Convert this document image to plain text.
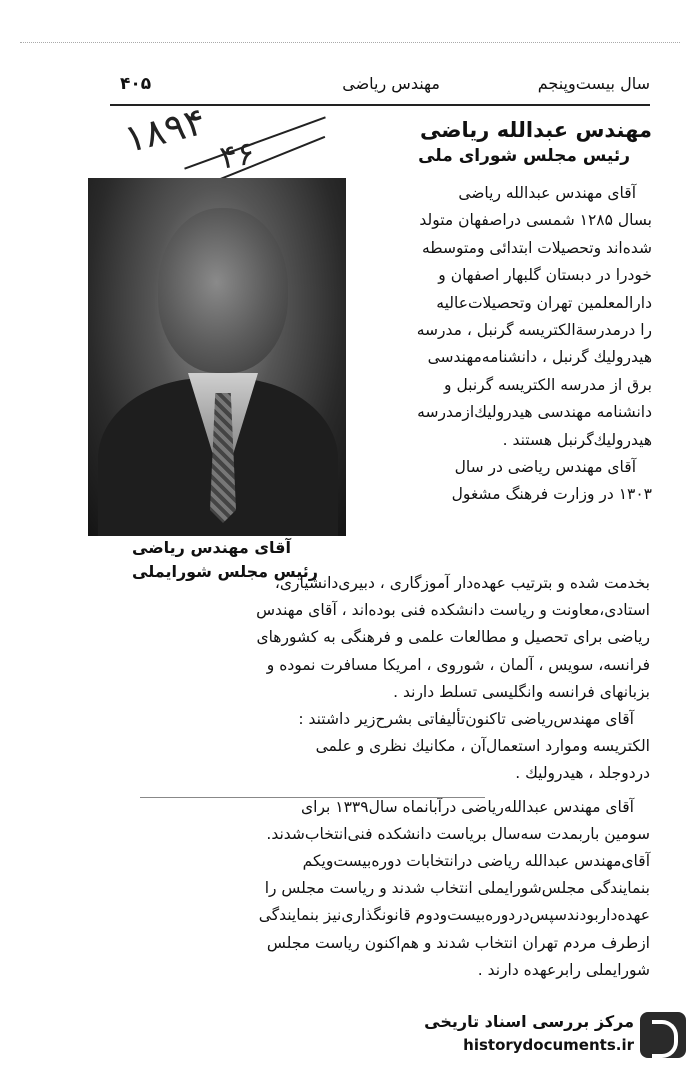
سال بیست‌وپنجم
مهندس ریاضی
۴۰۵
۱۸۹۴ ۴۶
مهندس عبدالله ریاضی
رئیس مجلس شورای ملی
آقای مهندس ریاضی
رئیس مجلس شورایملی

آقای مهندس عبدالله ریاضی

بسال ۱۲۸۵ شمسی دراصفهان متولد

شده‌اند وتحصیلات ابتدائی ومتوسطه

خودرا در دبستان گلبهار اصفهان و

دارالمعلمین تهران وتحصیلات‌عالیه

را درمدرسةالکتریسه گرنبل ، مدرسه

هیدرولیك گرنبل ، دانشنامه‌مهندسی

برق از مدرسه الکتریسه گرنبل و

دانشنامه مهندسی هیدرولیك‌ازمدرسه

هیدرولیك‌گرنبل هستند .

آقای مهندس ریاضی در سال

۱۳۰۳ در وزارت فرهنگ مشغول

بخدمت شده و بترتیب عهده‌دار آموزگاری ، دبیری‌دانشیاری،

استادی،معاونت و ریاست دانشکده فنی بوده‌اند ، آقای مهندس

ریاضی برای تحصیل و مطالعات علمی و فرهنگی به کشورهای

فرانسه، سویس ، آلمان ، شوروی ، امریکا مسافرت نموده و

بزبانهای فرانسه وانگلیسی تسلط دارند .

آقای مهندس‌ریاضی تاکنون‌تألیفاتی بشرح‌زیر داشتند :

الکتریسه وموارد استعمال‌آن ، مکانیك نظری و علمی

دردوجلد ، هیدرولیك .

آقای مهندس عبدالله‌ریاضی درآبانماه سال۱۳۳۹ برای

سومین باربمدت سه‌سال بریاست دانشکده فنی‌انتخاب‌شدند.

آقای‌مهندس عبدالله ریاضی درانتخابات دوره‌بیست‌ویکم

بنمایندگی مجلس‌شورایملی انتخاب شدند و ریاست مجلس را

عهده‌داربودندسپس‌دردوره‌بیست‌ودوم قانونگذاری‌نیز بنمایندگی

ازطرف مردم تهران انتخاب شدند و هم‌اکنون ریاست مجلس

شورایملی رابرعهده دارند .

مرکز بررسی اسناد تاریخی
historydocuments.ir
